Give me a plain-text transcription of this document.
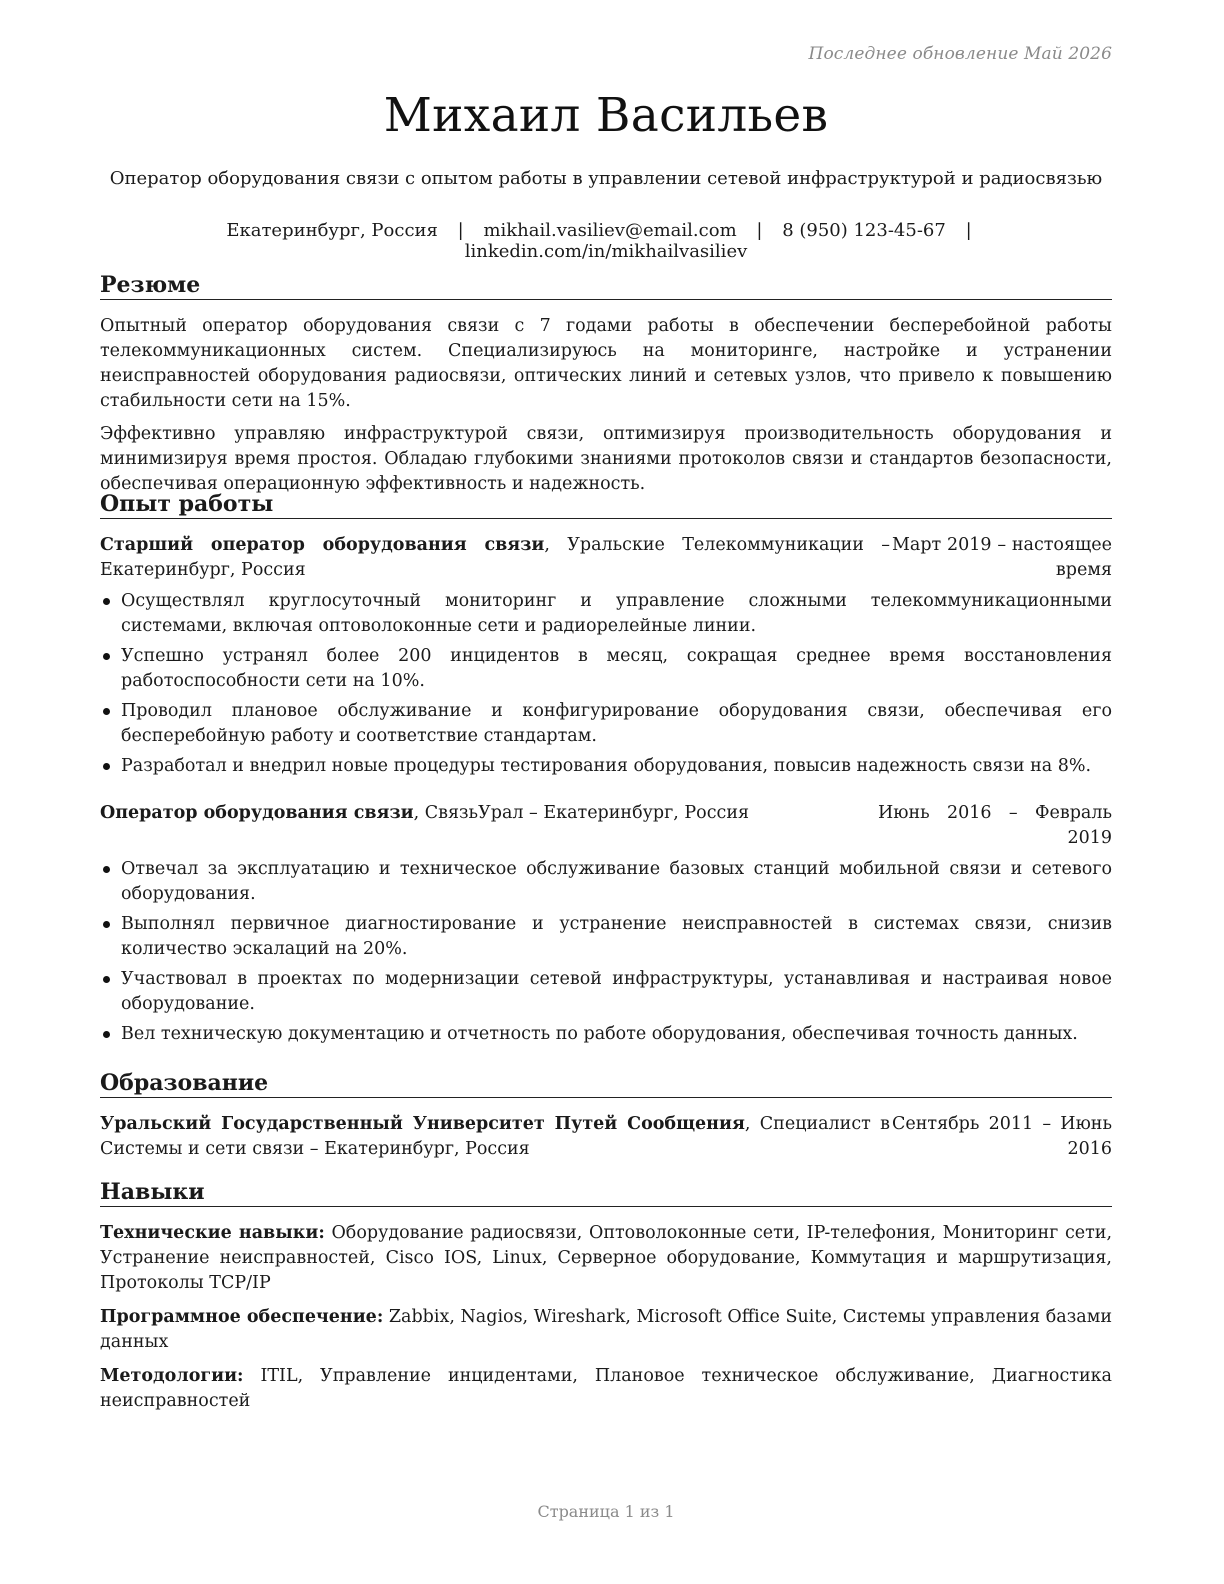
Последнее обновление Май 2026
Михаил Васильев
Оператор оборудования связи с опытом работы в управлении сетевой инфраструктурой и радиосвязью
Екатеринбург, Россия | mikhail.vasiliev@email.com | 8 (950) 123-45-67 | linkedin.com/in/mikhailvasiliev
Резюме

Опытный оператор оборудования связи с 7 годами работы в обеспечении бесперебойной работы телекоммуникационных систем. Специализируюсь на мониторинге, настройке и устранении неисправностей оборудования радиосвязи, оптических линий и сетевых узлов, что привело к повышению стабильности сети на 15%.

Эффективно управляю инфраструктурой связи, оптимизируя производительность оборудования и минимизируя время простоя. Обладаю глубокими знаниями протоколов связи и стандартов безопасности, обеспечивая операционную эффективность и надежность.

Опыт работы
Старший оператор оборудования связи, Уральские Телекоммуникации – Екатеринбург, Россия
Март 2019 – настоящее время
Осуществлял круглосуточный мониторинг и управление сложными телекоммуникационными системами, включая оптоволоконные сети и радиорелейные линии.
Успешно устранял более 200 инцидентов в месяц, сокращая среднее время восстановления работоспособности сети на 10%.
Проводил плановое обслуживание и конфигурирование оборудования связи, обеспечивая его бесперебойную работу и соответствие стандартам.
Разработал и внедрил новые процедуры тестирования оборудования, повысив надежность связи на 8%.
Оператор оборудования связи, СвязьУрал – Екатеринбург, Россия	Июнь 2016 – Февраль 2019
Отвечал за эксплуатацию и техническое обслуживание базовых станций мобильной связи и сетевого оборудования.
Выполнял первичное диагностирование и устранение неисправностей в системах связи, снизив количество эскалаций на 20%.
Участвовал в проектах по модернизации сетевой инфраструктуры, устанавливая и настраивая новое оборудование.
Вел техническую документацию и отчетность по работе оборудования, обеспечивая точность данных.
Образование
Уральский Государственный Университет Путей Сообщения, Специалист в Системы и сети связи – Екатеринбург, Россия
Сентябрь 2011 – Июнь 2016
Навыки

Технические навыки: Оборудование радиосвязи, Оптоволоконные сети, IP-телефония, Мониторинг сети, Устранение неисправностей, Cisco IOS, Linux, Серверное оборудование, Коммутация и маршрутизация, Протоколы TCP/IP

Программное обеспечение: Zabbix, Nagios, Wireshark, Microsoft Office Suite, Системы управления базами данных

Методологии: ITIL, Управление инцидентами, Плановое техническое обслуживание, Диагностика неисправностей

Страница 1 из 1
